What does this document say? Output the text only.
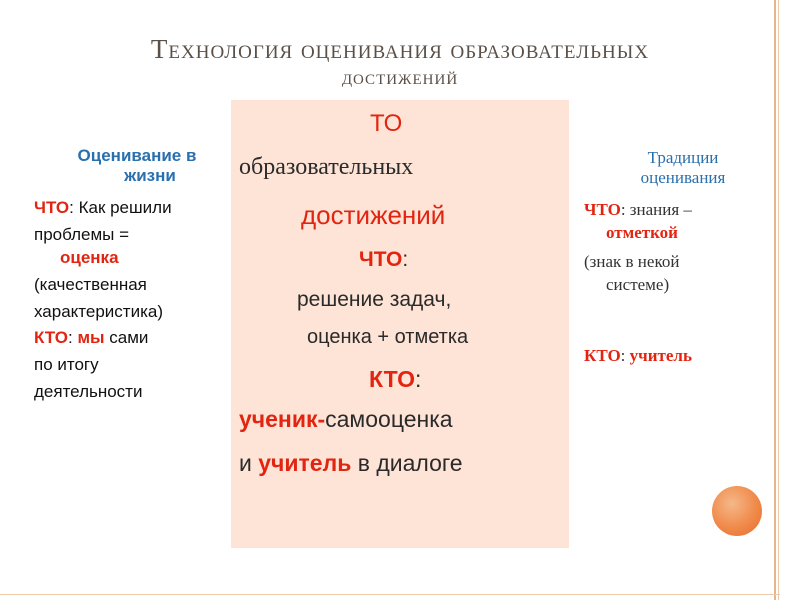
Технология оценивания образовательных
достижений
Оценивание в
жизни

ЧТО: Как решили

проблемы =

оценка

(качественная

характеристика)

КТО: мы сами

по итогу

деятельности

ТО
образовательных
достижений
ЧТО:
решение задач,
оценка + отметка
КТО:
ученик-самооценка
и учитель в диалоге
Традиции
оценивания

ЧТО: знания –

отметкой

(знак в некой

системе)

КТО: учитель
